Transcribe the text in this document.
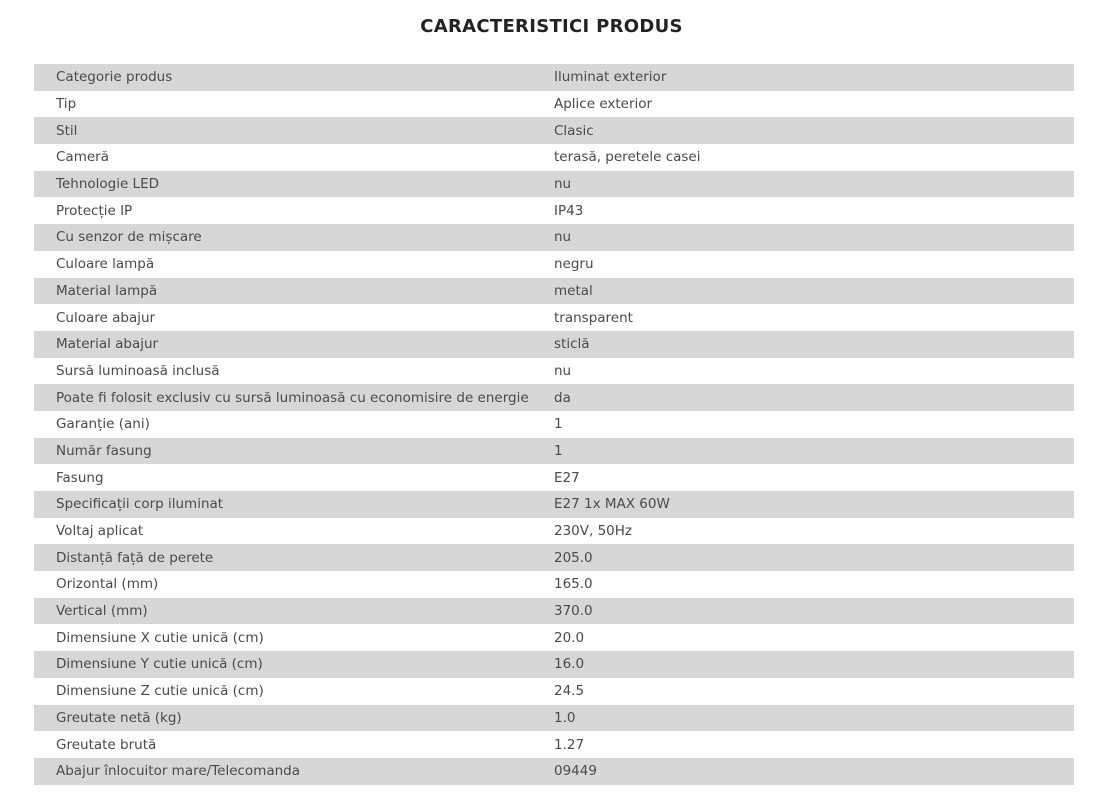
CARACTERISTICI PRODUS
Categorie produs	Iluminat exterior
Tip	Aplice exterior
Stil	Clasic
Cameră	terasă, peretele casei
Tehnologie LED	nu
Protecție IP	IP43
Cu senzor de mișcare	nu
Culoare lampă	negru
Material lampă	metal
Culoare abajur	transparent
Material abajur	sticlă
Sursă luminoasă inclusă	nu
Poate fi folosit exclusiv cu sursă luminoasă cu economisire de energie	da
Garanție (ani)	1
Număr fasung	1
Fasung	E27
Specificații corp iluminat	E27 1x MAX 60W
Voltaj aplicat	230V, 50Hz
Distanță față de perete	205.0
Orizontal (mm)	165.0
Vertical (mm)	370.0
Dimensiune X cutie unică (cm)	20.0
Dimensiune Y cutie unică (cm)	16.0
Dimensiune Z cutie unică (cm)	24.5
Greutate netă (kg)	1.0
Greutate brută	1.27
Abajur înlocuitor mare/Telecomanda	09449
